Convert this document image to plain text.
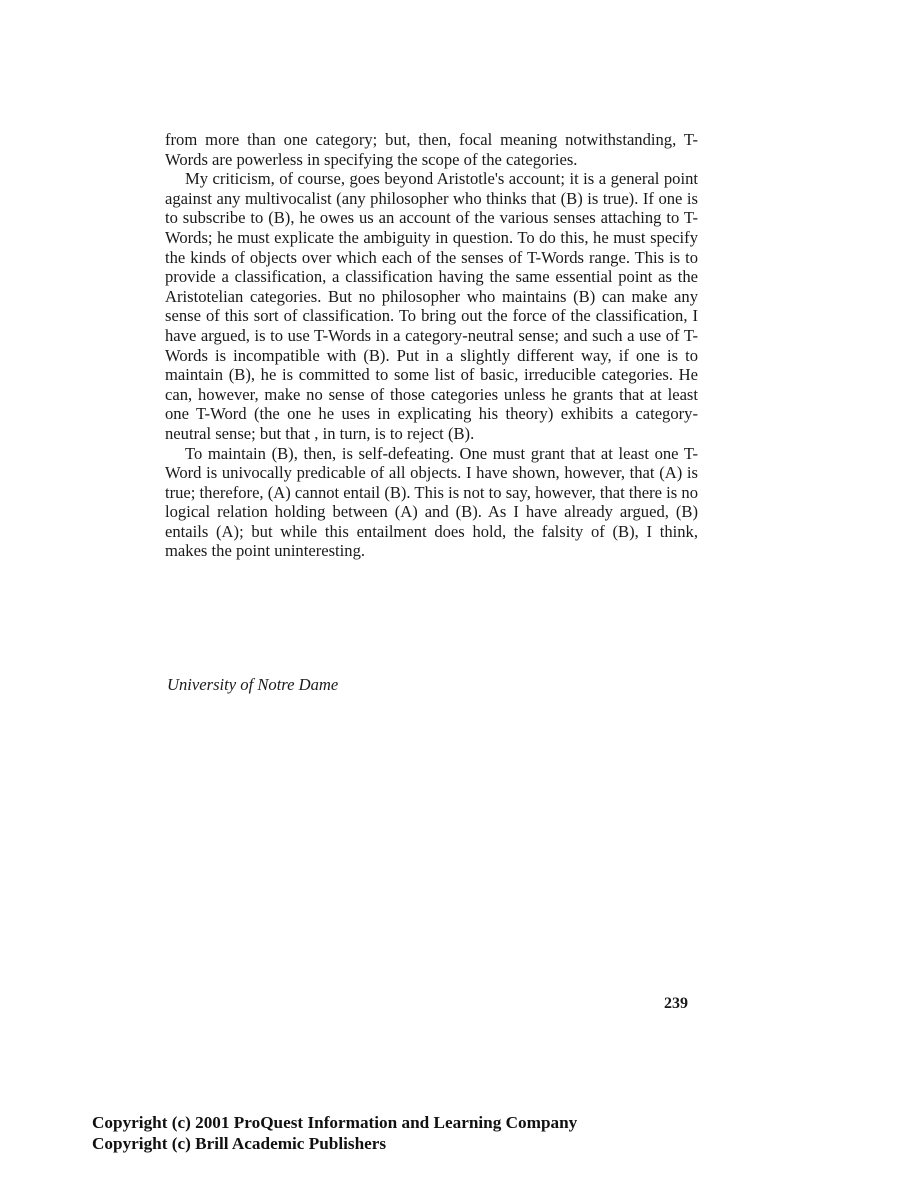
from more than one category; but, then, focal meaning notwithstanding, T-Words are powerless in specifying the scope of the categories.

My criticism, of course, goes beyond Aristotle's account; it is a general point against any multivocalist (any philosopher who thinks that (B) is true). If one is to subscribe to (B), he owes us an account of the various senses attaching to T-Words; he must explicate the ambiguity in question. To do this, he must specify the kinds of objects over which each of the senses of T-Words range. This is to provide a classification, a classification having the same essential point as the Aristotelian categories. But no philosopher who maintains (B) can make any sense of this sort of classification. To bring out the force of the classification, I have argued, is to use T-Words in a category-neutral sense; and such a use of T-Words is incompatible with (B). Put in a slightly different way, if one is to maintain (B), he is committed to some list of basic, irreducible categories. He can, however, make no sense of those categories unless he grants that at least one T-Word (the one he uses in explicating his theory) exhibits a category-neutral sense; but that , in turn, is to reject (B).

To maintain (B), then, is self-defeating. One must grant that at least one T-Word is univocally predicable of all objects. I have shown, however, that (A) is true; therefore, (A) cannot entail (B). This is not to say, however, that there is no logical relation holding between (A) and (B). As I have already argued, (B) entails (A); but while this entailment does hold, the falsity of (B), I think, makes the point uninteresting.

University of Notre Dame

239

Copyright (c) 2001 ProQuest Information and Learning Company
Copyright (c) Brill Academic Publishers
